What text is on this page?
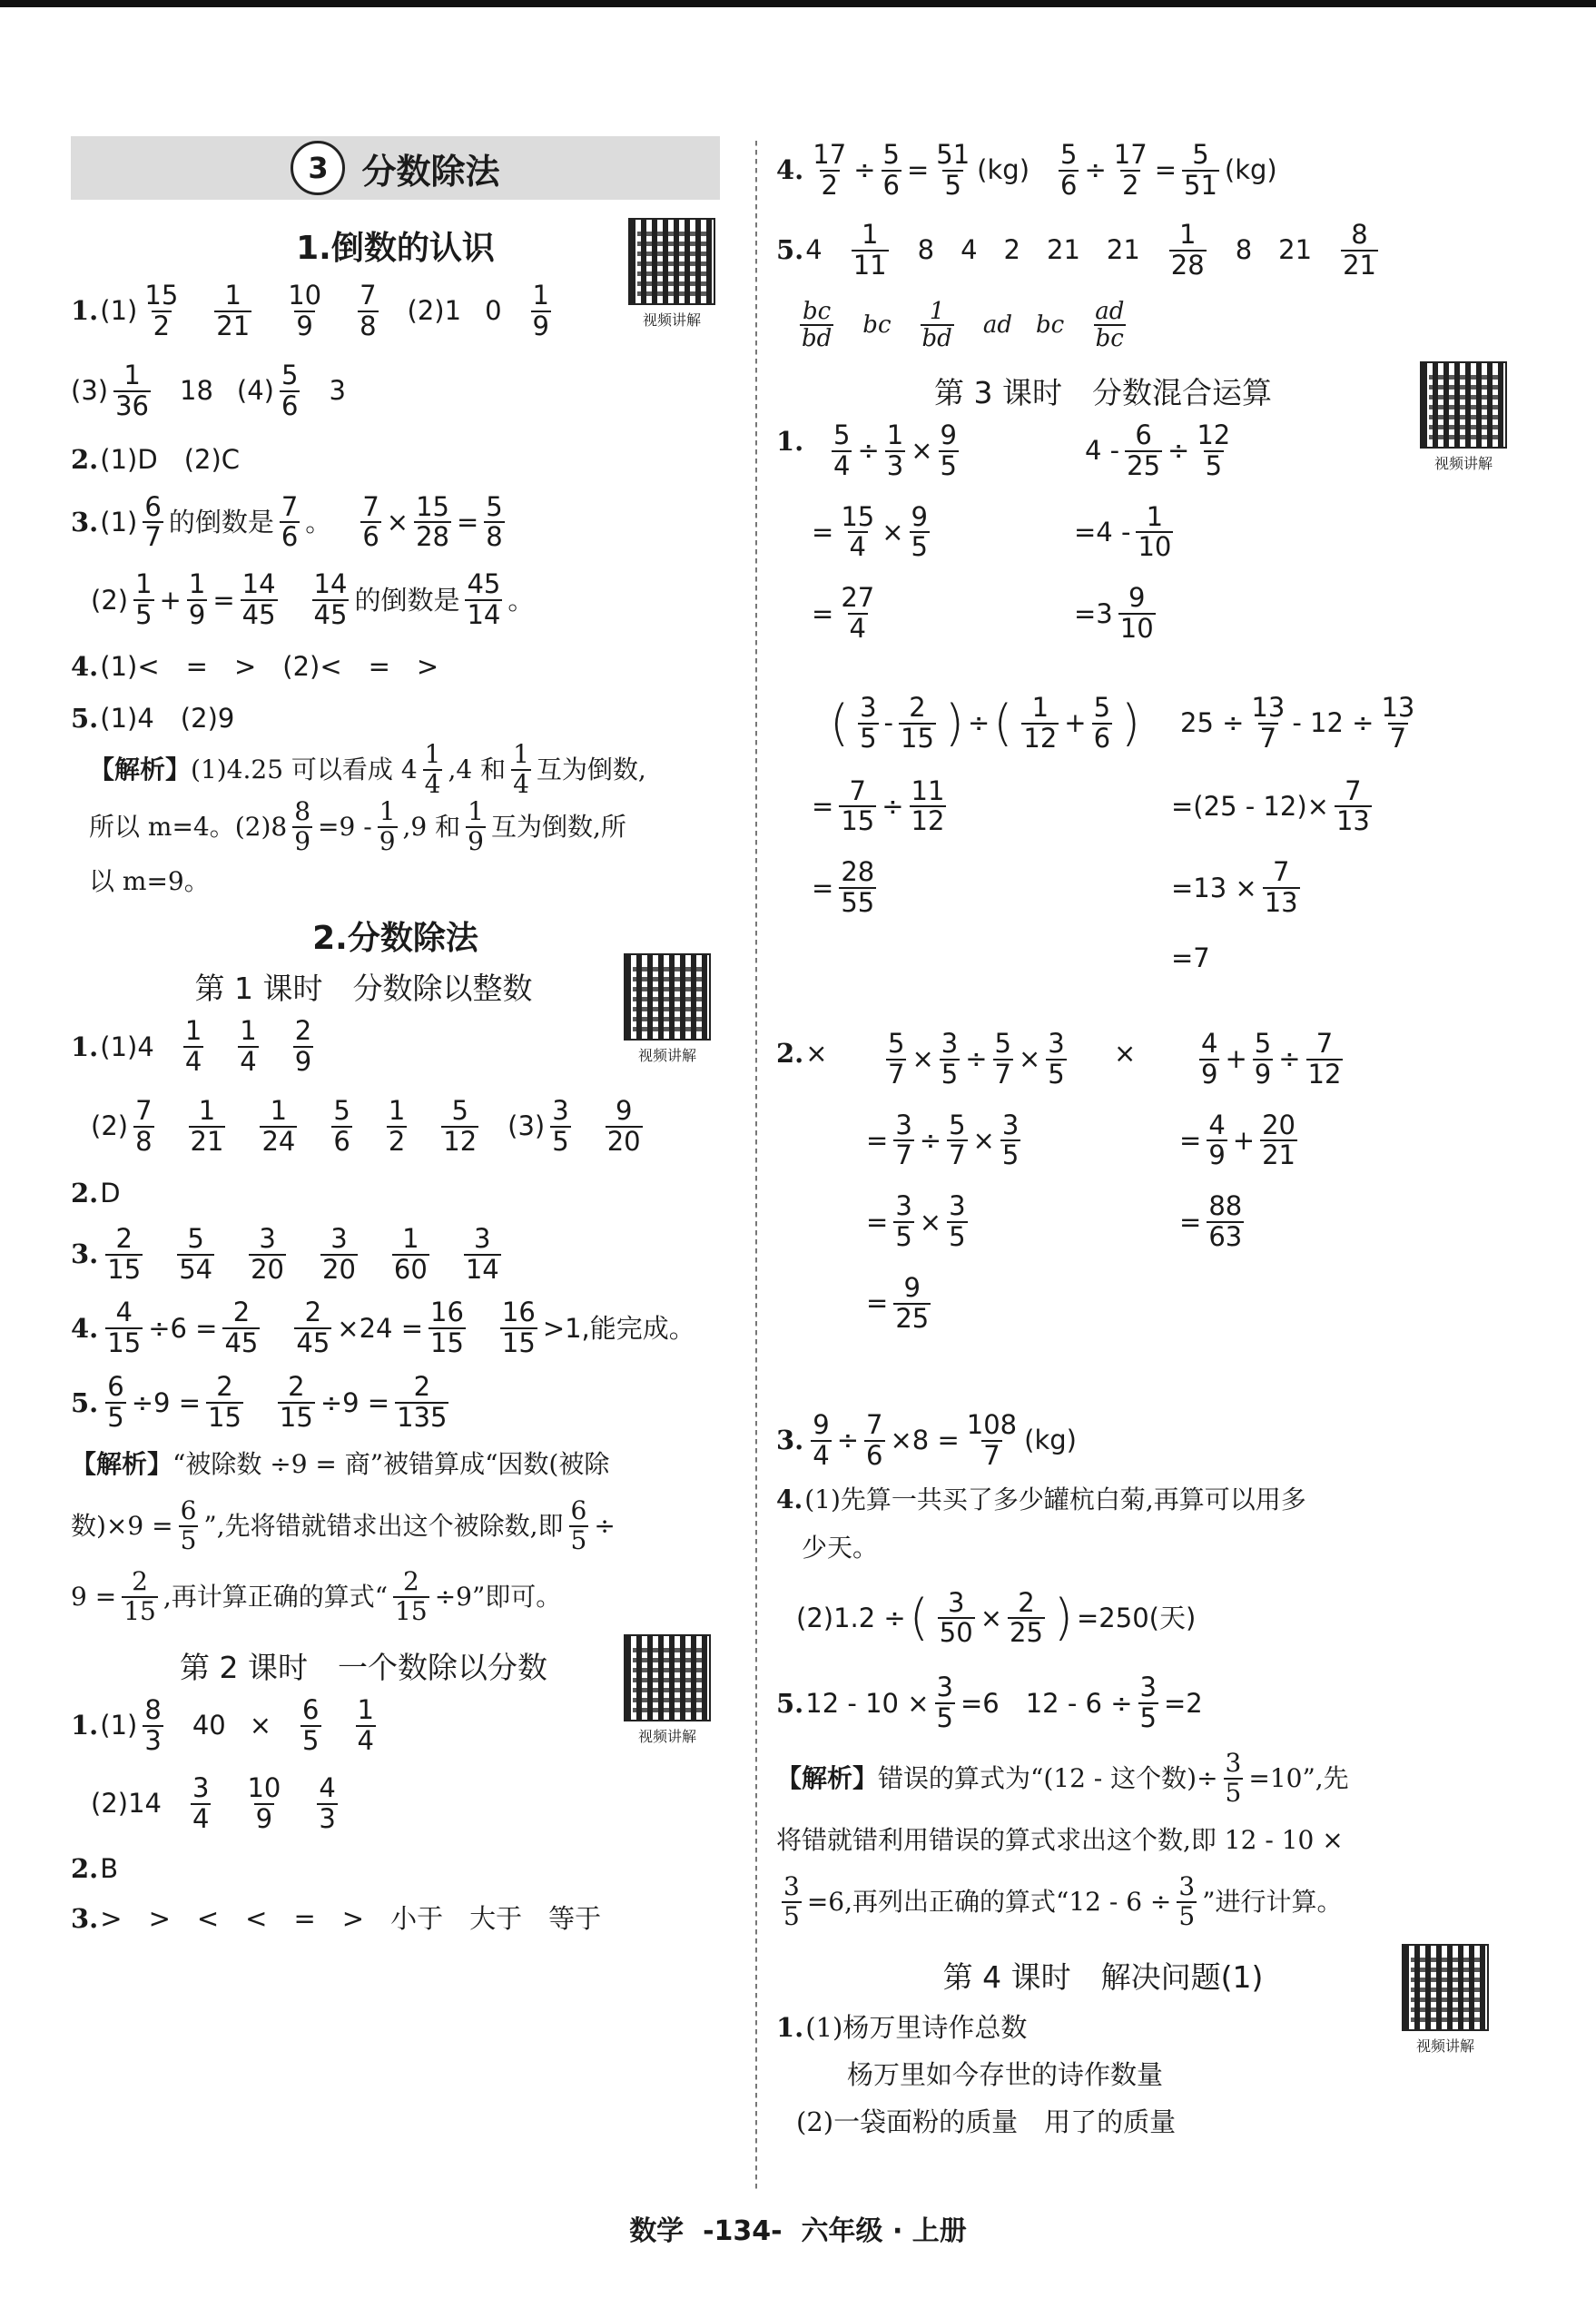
3 分数除法
1.倒数的认识
视频讲解
1. $(1) \frac{15}{2} \frac{1}{21} \frac{10}{9} \frac{7}{8} (2)1$ $0 \frac{1}{9}$
$(3) \frac{1}{36} 18$ $(4) \frac{5}{6} 3$
2. (1)D　(2)C
3. $(1) \frac{6}{7}$ 的倒数是 $\frac{7}{6}$ 。 $\frac{7}{6} \times \frac{15}{28} = \frac{5}{8}$
$(2) \frac{1}{5} + \frac{1}{9} = \frac{14}{45} \frac{14}{45}$ 的倒数是 $\frac{45}{14}$ 。
4. (1)<　=　>　(2)<　=　>
5. (1)4　(2)9
【解析】 (1)4.25 可以看成 $4 \frac{1}{4} ,4$ 和 $\frac{1}{4}$ 互为倒数,
所以 m=4。$(2)8 \frac{8}{9} =9 - \frac{1}{9} ,9$ 和 $\frac{1}{9}$ 互为倒数,所
以 m=9。
2.分数除法
第 1 课时　分数除以整数
视频讲解
1. $(1)4 \frac{1}{4} \frac{1}{4} \frac{2}{9}$
$(2) \frac{7}{8} \frac{1}{21} \frac{1}{24} \frac{5}{6} \frac{1}{2} \frac{5}{12} (3) \frac{3}{5} \frac{9}{20}$
2. D
3. $\frac{2}{15} \frac{5}{54} \frac{3}{20} \frac{3}{20} \frac{1}{60} \frac{3}{14}$
4. $\frac{4}{15} \div 6 = \frac{2}{45} \frac{2}{45} \times 24 = \frac{16}{15} \frac{16}{15} >1$,能完成。
5. $\frac{6}{5} \div 9 = \frac{2}{15} \frac{2}{15} \div 9 = \frac{2}{135}$
【解析】 “被除数 ÷9 = 商”被错算成“因数(被除
数)$\times 9 = \frac{6}{5}$ ”,先将错就错求出这个被除数,即 $\frac{6}{5}$ ÷
$9 = \frac{2}{15}$ ,再计算正确的算式“ $\frac{2}{15} \div 9$”即可。
第 2 课时　一个数除以分数
视频讲解
1. $(1) \frac{8}{3} 40 \times \frac{6}{5} \frac{1}{4}$
$(2)14 \frac{3}{4} \frac{10}{9} \frac{4}{3}$
2. B
3. >　>　<　<　=　>　小于　大于　等于
4. $\frac{17}{2} \div \frac{5}{6} = \frac{51}{5} (kg) \frac{5}{6} \div \frac{17}{2} = \frac{5}{51} (kg)$
5. $4 \frac{1}{11} 8$　4　2　21　$21 \frac{1}{28} 8$　$21 \frac{8}{21}$
$\frac{bc}{bd}$ bc $\frac{1}{bd}$ ad bc $\frac{ad}{bc}$
第 3 课时　分数混合运算
视频讲解
1. $\frac{5}{4} \div \frac{1}{3} \times \frac{9}{5}$
= $\frac{15}{4} \times \frac{9}{5}$
= $\frac{27}{4}$
$4 - \frac{6}{25} \div \frac{12}{5}$
$=4 - \frac{1}{10}$
$=3 \frac{9}{10}$
( $\frac{3}{5} - \frac{2}{15}$ ) ÷ ( $\frac{1}{12} + \frac{5}{6}$ )
= $\frac{7}{15} \div \frac{11}{12}$
= $\frac{28}{55}$
$25 \div \frac{13}{7} - 12 \div \frac{13}{7}$
$=(25 - 12)\times \frac{7}{13}$
$=13 \times \frac{7}{13}$
=7
2. × $\frac{5}{7} \times \frac{3}{5} \div \frac{5}{7} \times \frac{3}{5}$
= $\frac{3}{7} \div \frac{5}{7} \times \frac{3}{5}$
= $\frac{3}{5} \times \frac{3}{5}$
= $\frac{9}{25}$
× $\frac{4}{9} + \frac{5}{9} \div \frac{7}{12}$
= $\frac{4}{9} + \frac{20}{21}$
= $\frac{88}{63}$
3. $\frac{9}{4} \div \frac{7}{6} \times 8 = \frac{108}{7} (kg)$
4. (1)先算一共买了多少罐杭白菊,再算可以用多
少天。
(2)1.2 ÷ ( $\frac{3}{50} \times \frac{2}{25}$ ) =250(天)
5. $12 - 10 \times \frac{3}{5} =6$　$12 - 6 \div \frac{3}{5} =2$
【解析】 错误的算式为“(12 - 这个数)÷ $\frac{3}{5} =10$”,先
将错就错利用错误的算式求出这个数,即 12 - 10 ×
$\frac{3}{5} =6$,再列出正确的算式“$12 - 6 \div \frac{3}{5}$ ”进行计算。
第 4 课时　解决问题(1)
视频讲解
1. (1)杨万里诗作总数
杨万里如今存世的诗作数量
(2)一袋面粉的质量　用了的质量
数学 -134- 六年级 · 上册
